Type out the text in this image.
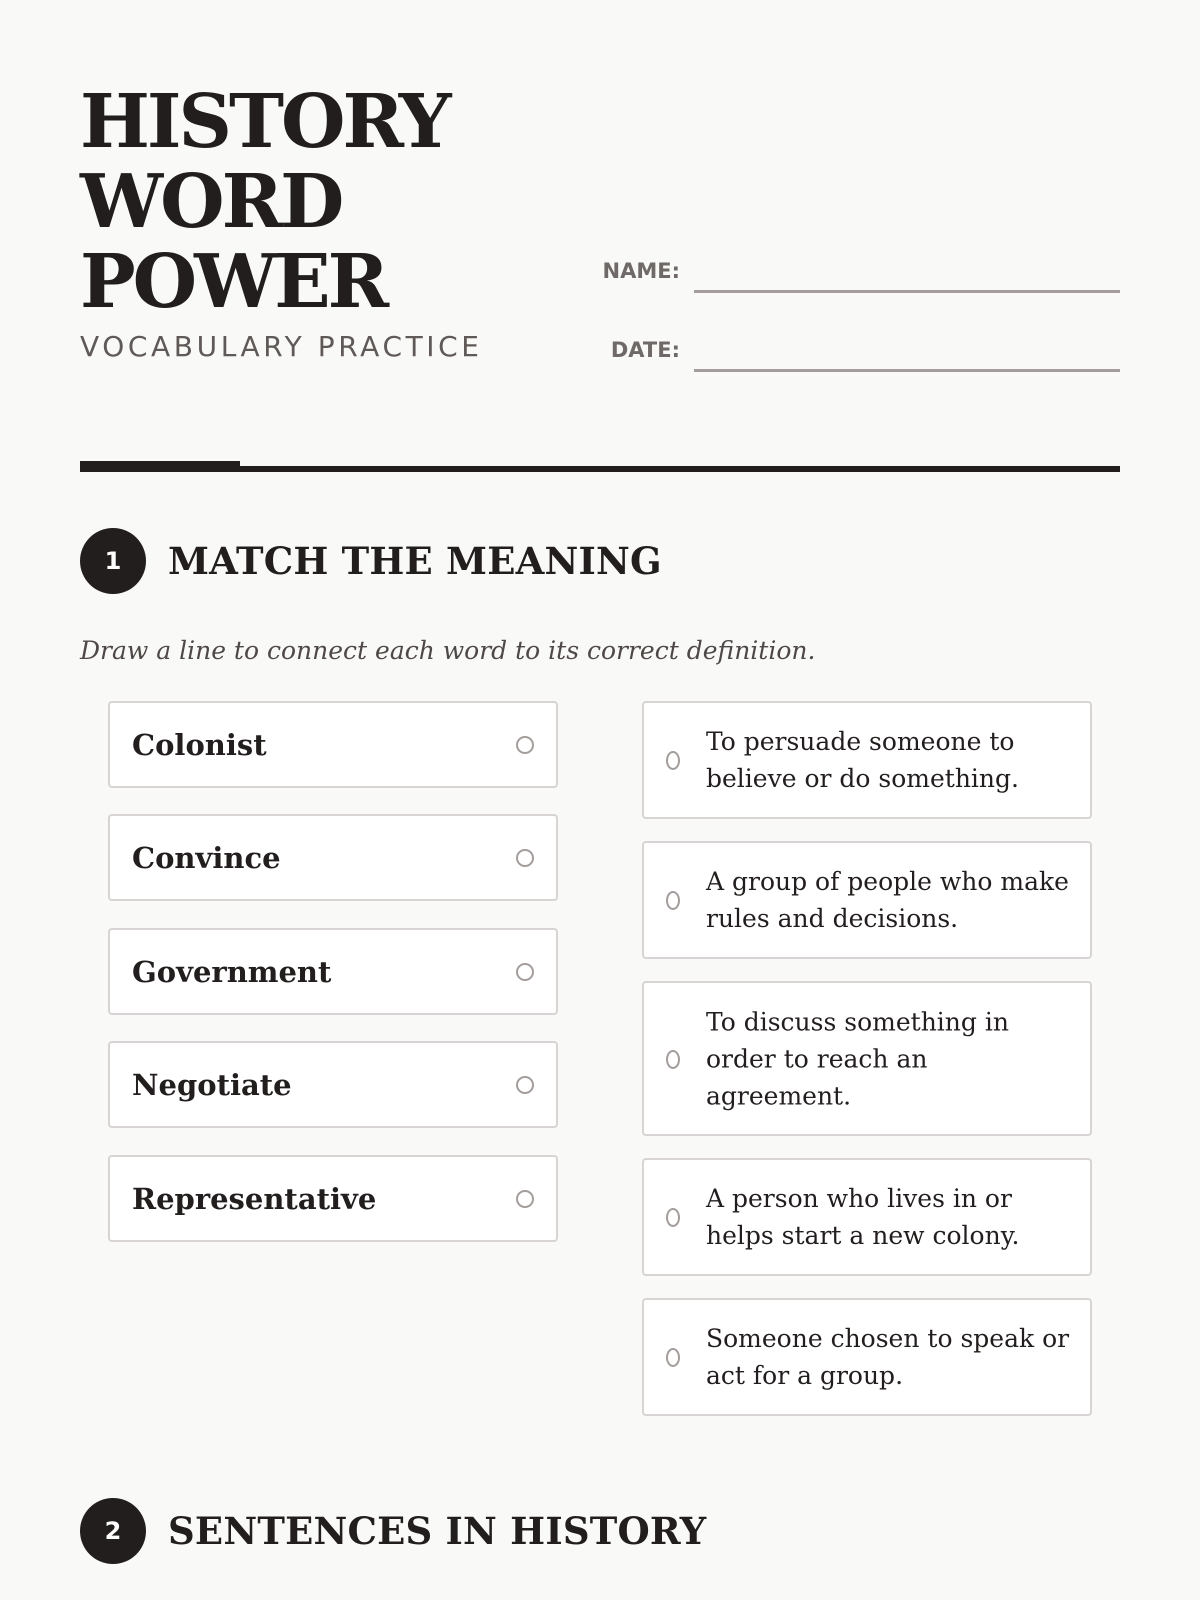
HISTORY
WORD
POWER
VOCABULARY PRACTICE
NAME:
DATE:
1	MATCH THE MEANING
Draw a line to connect each word to its correct definition.
Colonist
Convince
Government
Negotiate
Representative
To persuade someone to believe or do something.
A group of people who make rules and decisions.
To discuss something in order to reach an agreement.
A person who lives in or helps start a new colony.
Someone chosen to speak or act for a group.
2	SENTENCES IN HISTORY
